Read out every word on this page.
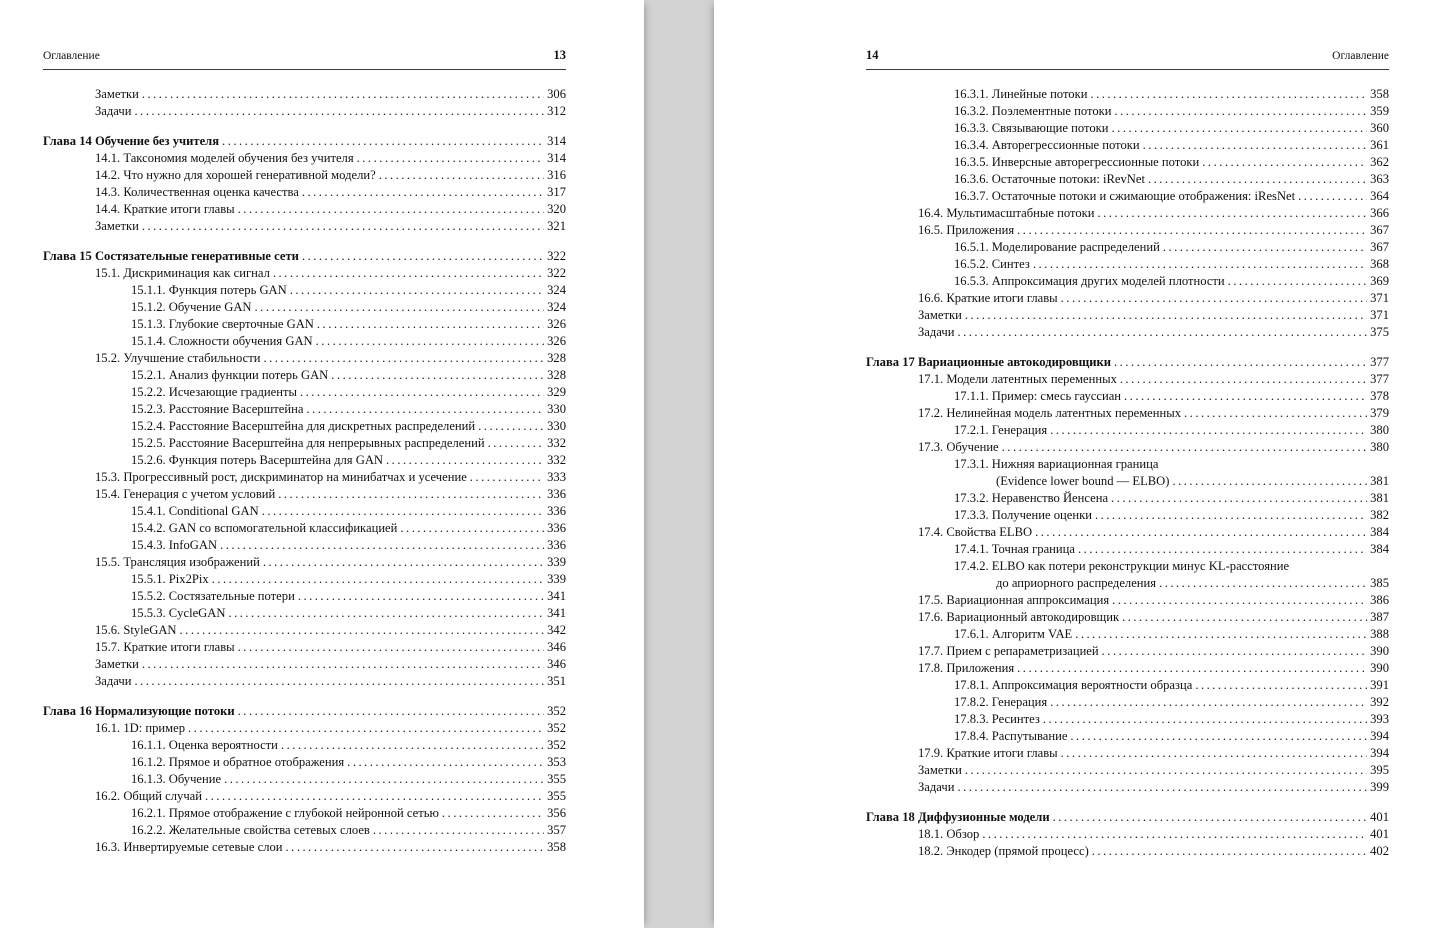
Оглавление	13
Заметки .....	306
Задачи .....	312
Глава 14 Обучение без учителя .....	314
14.1. Таксономия моделей обучения без учителя .....	314
14.2. Что нужно для хорошей генеративной модели? .....	316
14.3. Количественная оценка качества .....	317
14.4. Краткие итоги главы .....	320
Заметки .....	321
Глава 15 Состязательные генеративные сети .....	322
15.1. Дискриминация как сигнал .....	322
15.1.1. Функция потерь GAN .....	324
15.1.2. Обучение GAN .....	324
15.1.3. Глубокие сверточные GAN .....	326
15.1.4. Сложности обучения GAN .....	326
15.2. Улучшение стабильности .....	328
15.2.1. Анализ функции потерь GAN .....	328
15.2.2. Исчезающие градиенты .....	329
15.2.3. Расстояние Васерштейна .....	330
15.2.4. Расстояние Васерштейна для дискретных распределений .....	330
15.2.5. Расстояние Васерштейна для непрерывных распределений .....	332
15.2.6. Функция потерь Васерштейна для GAN .....	332
15.3. Прогрессивный рост, дискриминатор на минибатчах и усечение .....	333
15.4. Генерация с учетом условий .....	336
15.4.1. Conditional GAN .....	336
15.4.2. GAN со вспомогательной классификацией .....	336
15.4.3. InfoGAN .....	336
15.5. Трансляция изображений .....	339
15.5.1. Pix2Pix .....	339
15.5.2. Состязательные потери .....	341
15.5.3. CycleGAN .....	341
15.6. StyleGAN .....	342
15.7. Краткие итоги главы .....	346
Заметки .....	346
Задачи .....	351
Глава 16 Нормализующие потоки .....	352
16.1. 1D: пример .....	352
16.1.1. Оценка вероятности .....	352
16.1.2. Прямое и обратное отображения .....	353
16.1.3. Обучение .....	355
16.2. Общий случай .....	355
16.2.1. Прямое отображение с глубокой нейронной сетью .....	356
16.2.2. Желательные свойства сетевых слоев .....	357
16.3. Инвертируемые сетевые слои .....	358
14	Оглавление
16.3.1. Линейные потоки .....	358
16.3.2. Поэлементные потоки .....	359
16.3.3. Связывающие потоки .....	360
16.3.4. Авторегрессионные потоки .....	361
16.3.5. Инверсные авторегрессионные потоки .....	362
16.3.6. Остаточные потоки: iRevNet .....	363
16.3.7. Остаточные потоки и сжимающие отображения: iResNet .....	364
16.4. Мультимасштабные потоки .....	366
16.5. Приложения .....	367
16.5.1. Моделирование распределений .....	367
16.5.2. Синтез .....	368
16.5.3. Аппроксимация других моделей плотности .....	369
16.6. Краткие итоги главы .....	371
Заметки .....	371
Задачи .....	375
Глава 17 Вариационные автокодировщики .....	377
17.1. Модели латентных переменных .....	377
17.1.1. Пример: смесь гауссиан .....	378
17.2. Нелинейная модель латентных переменных .....	379
17.2.1. Генерация .....	380
17.3. Обучение .....	380
17.3.1. Нижняя вариационная граница
(Evidence lower bound — ELBO) .....	381
17.3.2. Неравенство Йенсена .....	381
17.3.3. Получение оценки .....	382
17.4. Свойства ELBO .....	384
17.4.1. Точная граница .....	384
17.4.2. ELBO как потери реконструкции минус KL-расстояние
до априорного распределения .....	385
17.5. Вариационная аппроксимация .....	386
17.6. Вариационный автокодировщик .....	387
17.6.1. Алгоритм VAE .....	388
17.7. Прием с репараметризацией .....	390
17.8. Приложения .....	390
17.8.1. Аппроксимация вероятности образца .....	391
17.8.2. Генерация .....	392
17.8.3. Ресинтез .....	393
17.8.4. Распутывание .....	394
17.9. Краткие итоги главы .....	394
Заметки .....	395
Задачи .....	399
Глава 18 Диффузионные модели .....	401
18.1. Обзор .....	401
18.2. Энкодер (прямой процесс) .....	402
